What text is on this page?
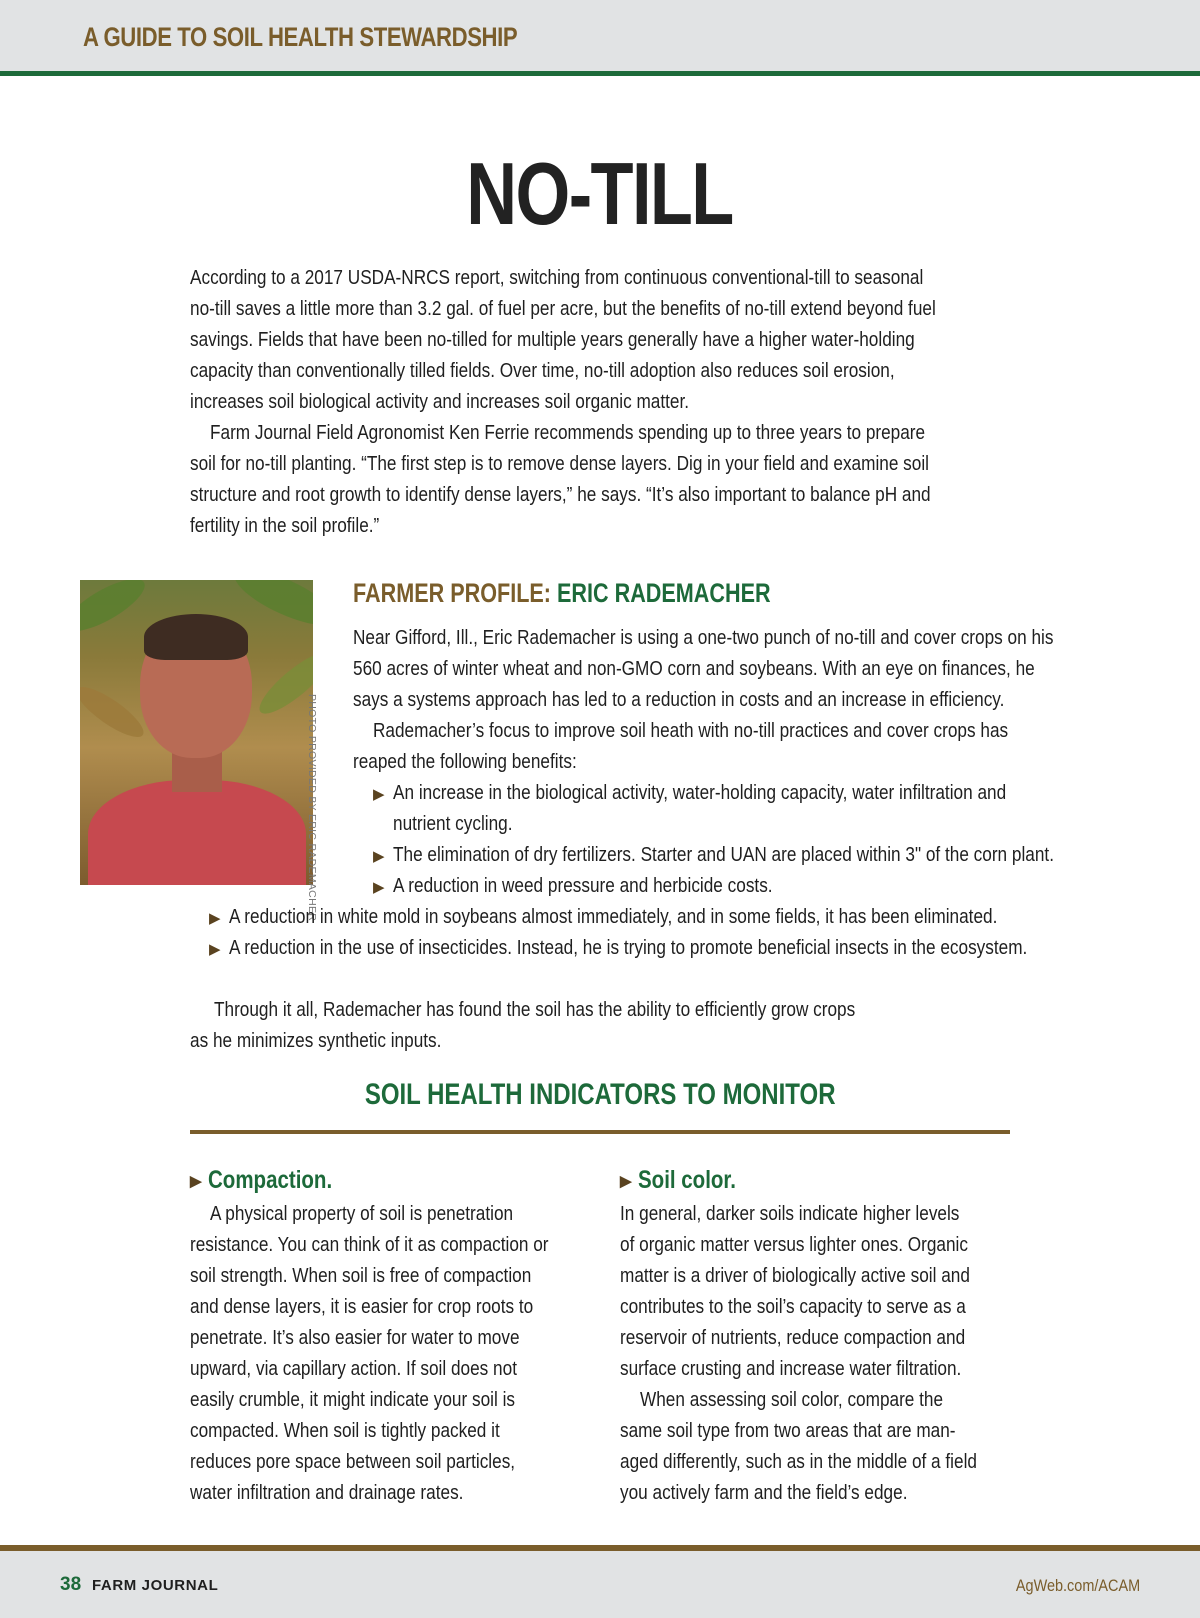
A GUIDE TO SOIL HEALTH STEWARDSHIP
NO-TILL

According to a 2017 USDA-NRCS report, switching from continuous conventional-till to seasonal

no-till saves a little more than 3.2 gal. of fuel per acre, but the benefits of no-till extend beyond fuel

savings. Fields that have been no-tilled for multiple years generally have a higher water-holding

capacity than conventionally tilled fields. Over time, no-till adoption also reduces soil erosion,

increases soil biological activity and increases soil organic matter.

Farm Journal Field Agronomist Ken Ferrie recommends spending up to three years to prepare

soil for no-till planting. “The first step is to remove dense layers. Dig in your field and examine soil

structure and root growth to identify dense layers,” he says. “It’s also important to balance pH and

fertility in the soil profile.”

PHOTO PROVIDED BY ERIC RADEMACHER
FARMER PROFILE: ERIC RADEMACHER

Near Gifford, Ill., Eric Rademacher is using a one-two punch of no-till and cover crops on his

560 acres of winter wheat and non-GMO corn and soybeans. With an eye on finances, he

says a systems approach has led to a reduction in costs and an increase in efficiency.

Rademacher’s focus to improve soil heath with no-till practices and cover crops has

reaped the following benefits:

▶ An increase in the biological activity, water-holding capacity, water infiltration and
nutrient cycling.
▶ The elimination of dry fertilizers. Starter and UAN are placed within 3" of the corn plant.
▶ A reduction in weed pressure and herbicide costs.
▶ A reduction in white mold in soybeans almost immediately, and in some fields, it has been eliminated.
▶ A reduction in the use of insecticides. Instead, he is trying to promote beneficial insects in the ecosystem.

Through it all, Rademacher has found the soil has the ability to efficiently grow crops

as he minimizes synthetic inputs.

SOIL HEALTH INDICATORS TO MONITOR
▶ Compaction.

A physical property of soil is penetration

resistance. You can think of it as compaction or

soil strength. When soil is free of compaction

and dense layers, it is easier for crop roots to

penetrate. It’s also easier for water to move

upward, via capillary action. If soil does not

easily crumble, it might indicate your soil is

compacted. When soil is tightly packed it

reduces pore space between soil particles,

water infiltration and drainage rates.

▶ Soil color.

In general, darker soils indicate higher levels

of organic matter versus lighter ones. Organic

matter is a driver of biologically active soil and

contributes to the soil’s capacity to serve as a

reservoir of nutrients, reduce compaction and

surface crusting and increase water filtration.

When assessing soil color, compare the

same soil type from two areas that are man-

aged differently, such as in the middle of a field

you actively farm and the field’s edge.

38 FARM JOURNAL	AgWeb.com/ACAM
